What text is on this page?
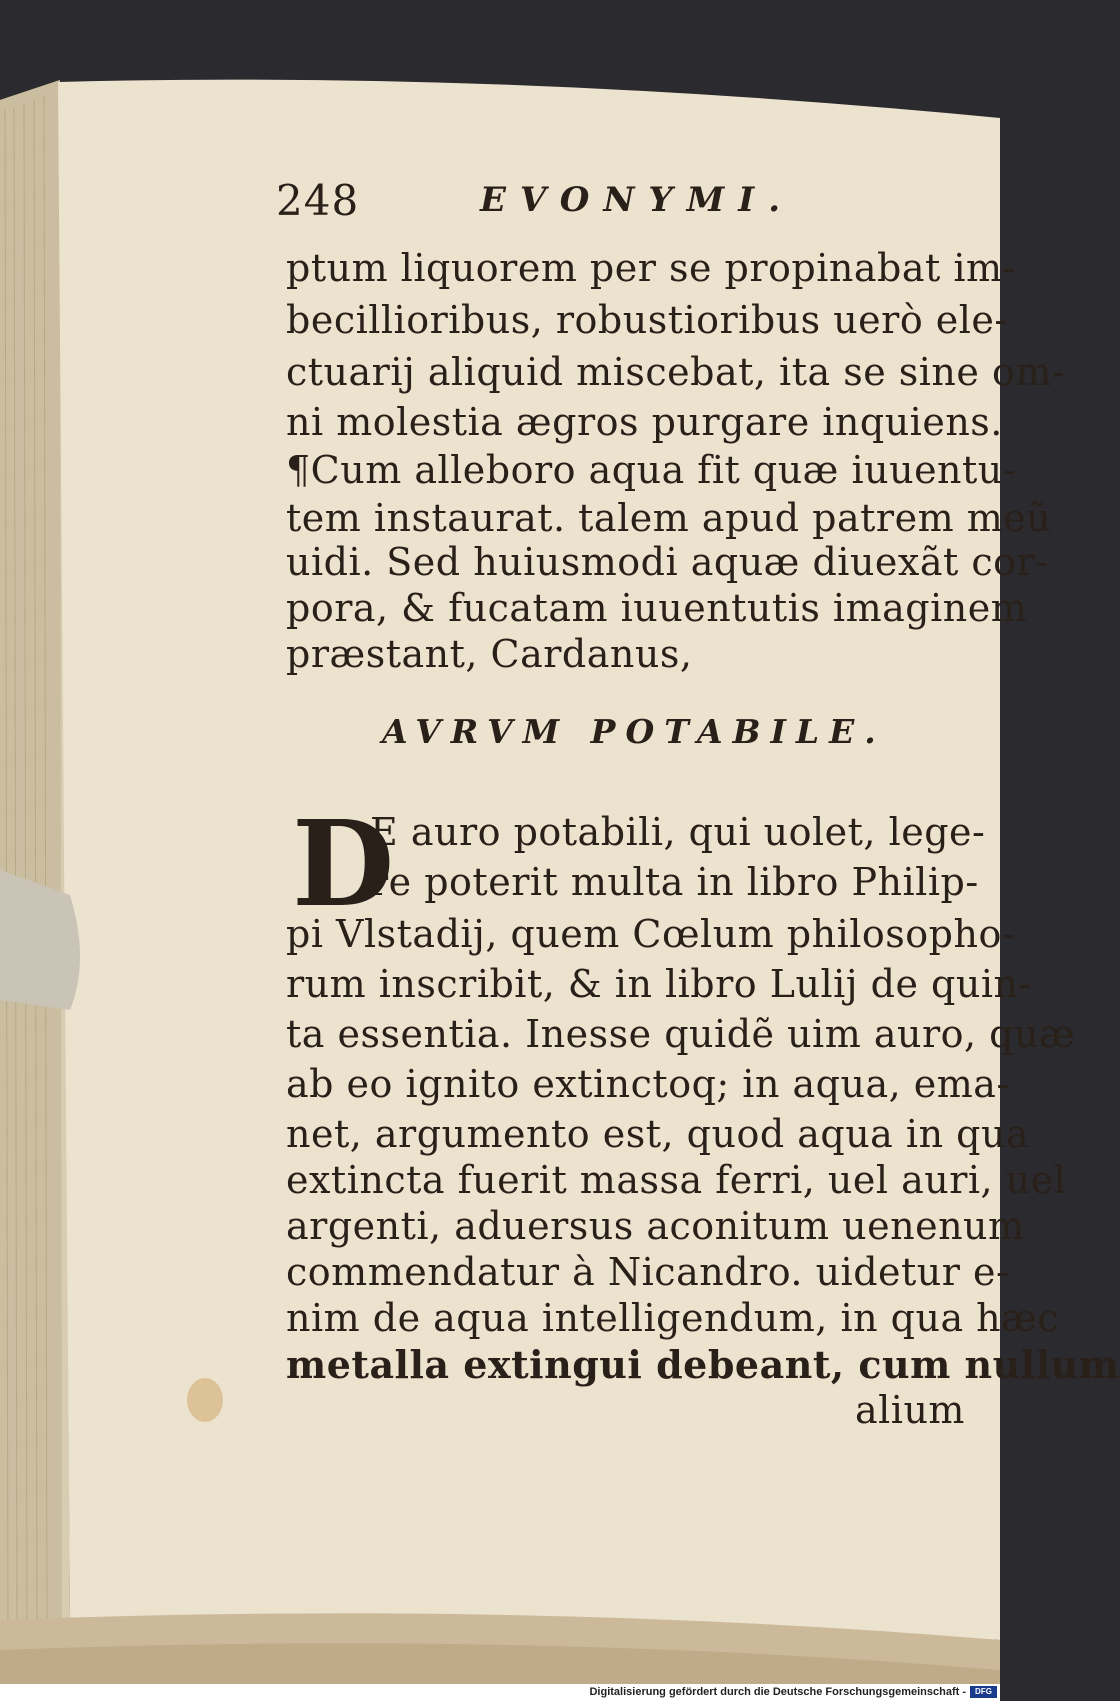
248	EVONYMI.
ptum liquorem per se propinabat im-
becillioribus, robustioribus uerò ele-
ctuarij aliquid miscebat, ita se sine om-
ni molestia ægros purgare inquiens.
¶Cum alleboro aqua fit quæ iuuentu-
tem instaurat. talem apud patrem meũ
uidi. Sed huiusmodi aquæ diuexãt cor-
pora, & fucatam iuuentutis imaginem
præstant, Cardanus,
AVRVM POTABILE.
D
E auro potabili, qui uolet, lege-
re poterit multa in libro Philip-
pi Vlstadij, quem Cœlum philosopho-
rum inscribit, & in libro Lulij de quin-
ta essentia. Inesse quidẽ uim auro, quæ
ab eo ignito extinctoq; in aqua, ema-
net, argumento est, quod aqua in qua
extincta fuerit massa ferri, uel auri, uel
argenti, aduersus aconitum uenenum
commendatur à Nicandro. uidetur e-
nim de aqua intelligendum, in qua hæc
metalla extingui debeant, cum nullum
alium
Digitalisierung gefördert durch die Deutsche Forschungsgemeinschaft -	DFG
